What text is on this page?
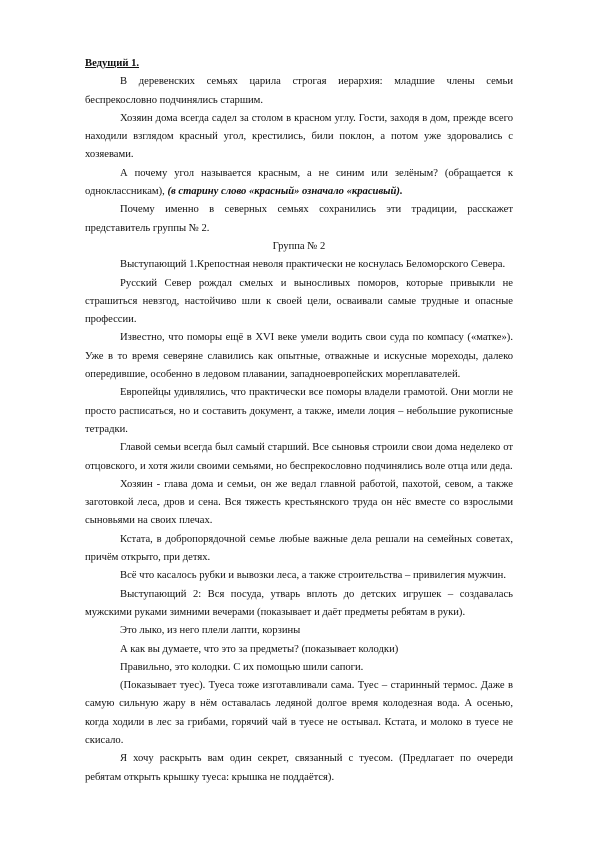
Ведущий 1.

В деревенских семьях царила строгая иерархия: младшие члены семьи беспрекословно подчинялись старшим.

Хозяин дома всегда садел за столом в красном углу. Гости, заходя в дом, прежде всего находили взглядом красный угол, крестились, били поклон, а потом уже здоровались с хозяевами.

А почему угол называется красным, а не синим или зелёным? (обращается к одноклассникам), (в старину слово «красный» означало «красивый).

Почему именно в северных семьях сохранились эти традиции, расскажет представитель группы № 2.

Группа № 2

Выступающий 1.Крепостная неволя практически не коснулась Беломорского Севера.

Русский Север рождал смелых и выносливых поморов, которые привыкли не страшиться невзгод, настойчиво шли к своей цели, осваивали самые трудные и опасные профессии.

Известно, что поморы ещё в XVI веке умели водить свои суда по компасу («матке»). Уже в то время северяне славились как опытные, отважные и искусные мореходы, далеко опередившие, особенно в ледовом плавании, западноевропейских мореплавателей.

Европейцы удивлялись, что практически все поморы владели грамотой. Они могли не просто расписаться, но и составить документ, а также, имели лоция – небольшие рукописные тетрадки.

Главой семьи всегда был самый старший. Все сыновья строили свои дома неделеко от отцовского, и хотя жили своими семьями, но беспрекословно подчинялись воле отца или деда.

Хозяин - глава дома и семьи, он же ведал главной работой, пахотой, севом, а также заготовкой леса, дров и сена. Вся тяжесть крестьянского труда он нёс вместе со взрослыми сыновьями на своих плечах.

Кстата, в добропорядочной семье любые важные дела решали на семейных советах, причём открыто, при детях.

Всё что касалось рубки и вывозки леса, а также строительства – привилегия мужчин.

Выступающий 2: Вся посуда, утварь вплоть до детских игрушек – создавалась мужскими руками зимними вечерами (показывает и даёт предметы ребятам в руки).

Это лыко, из него плели лапти, корзины

А как вы думаете, что это за предметы? (показывает колодки)

Правильно, это колодки. С их помощью шили сапоги.

(Показывает туес). Туеса тоже изготавливали сама. Туес – старинный термос. Даже в самую сильную жару в нём оставалась ледяной долгое время колодезная вода. А осенью, когда ходили в лес за грибами, горячий чай в туесе не остывал. Кстата, и молоко в туесе не скисало.

Я хочу раскрыть вам один секрет, связанный с туесом. (Предлагает по очереди ребятам открыть крышку туеса: крышка не поддаётся).
